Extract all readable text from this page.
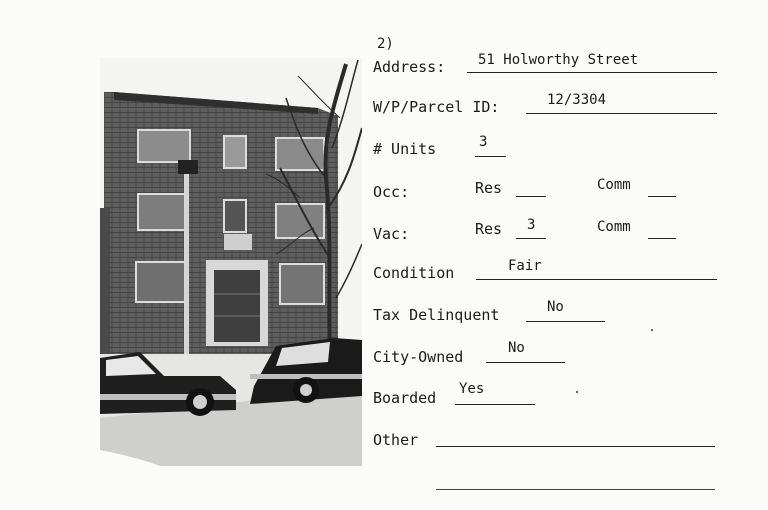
2)
Address: 51 Holworthy Street
W/P/Parcel ID:	12/3304
# Units	3
Occ:	Res	Comm
Vac:	Res 3	Comm
Condition	Fair
Tax Delinquent	No
City-Owned	No
Boarded Yes
Other
